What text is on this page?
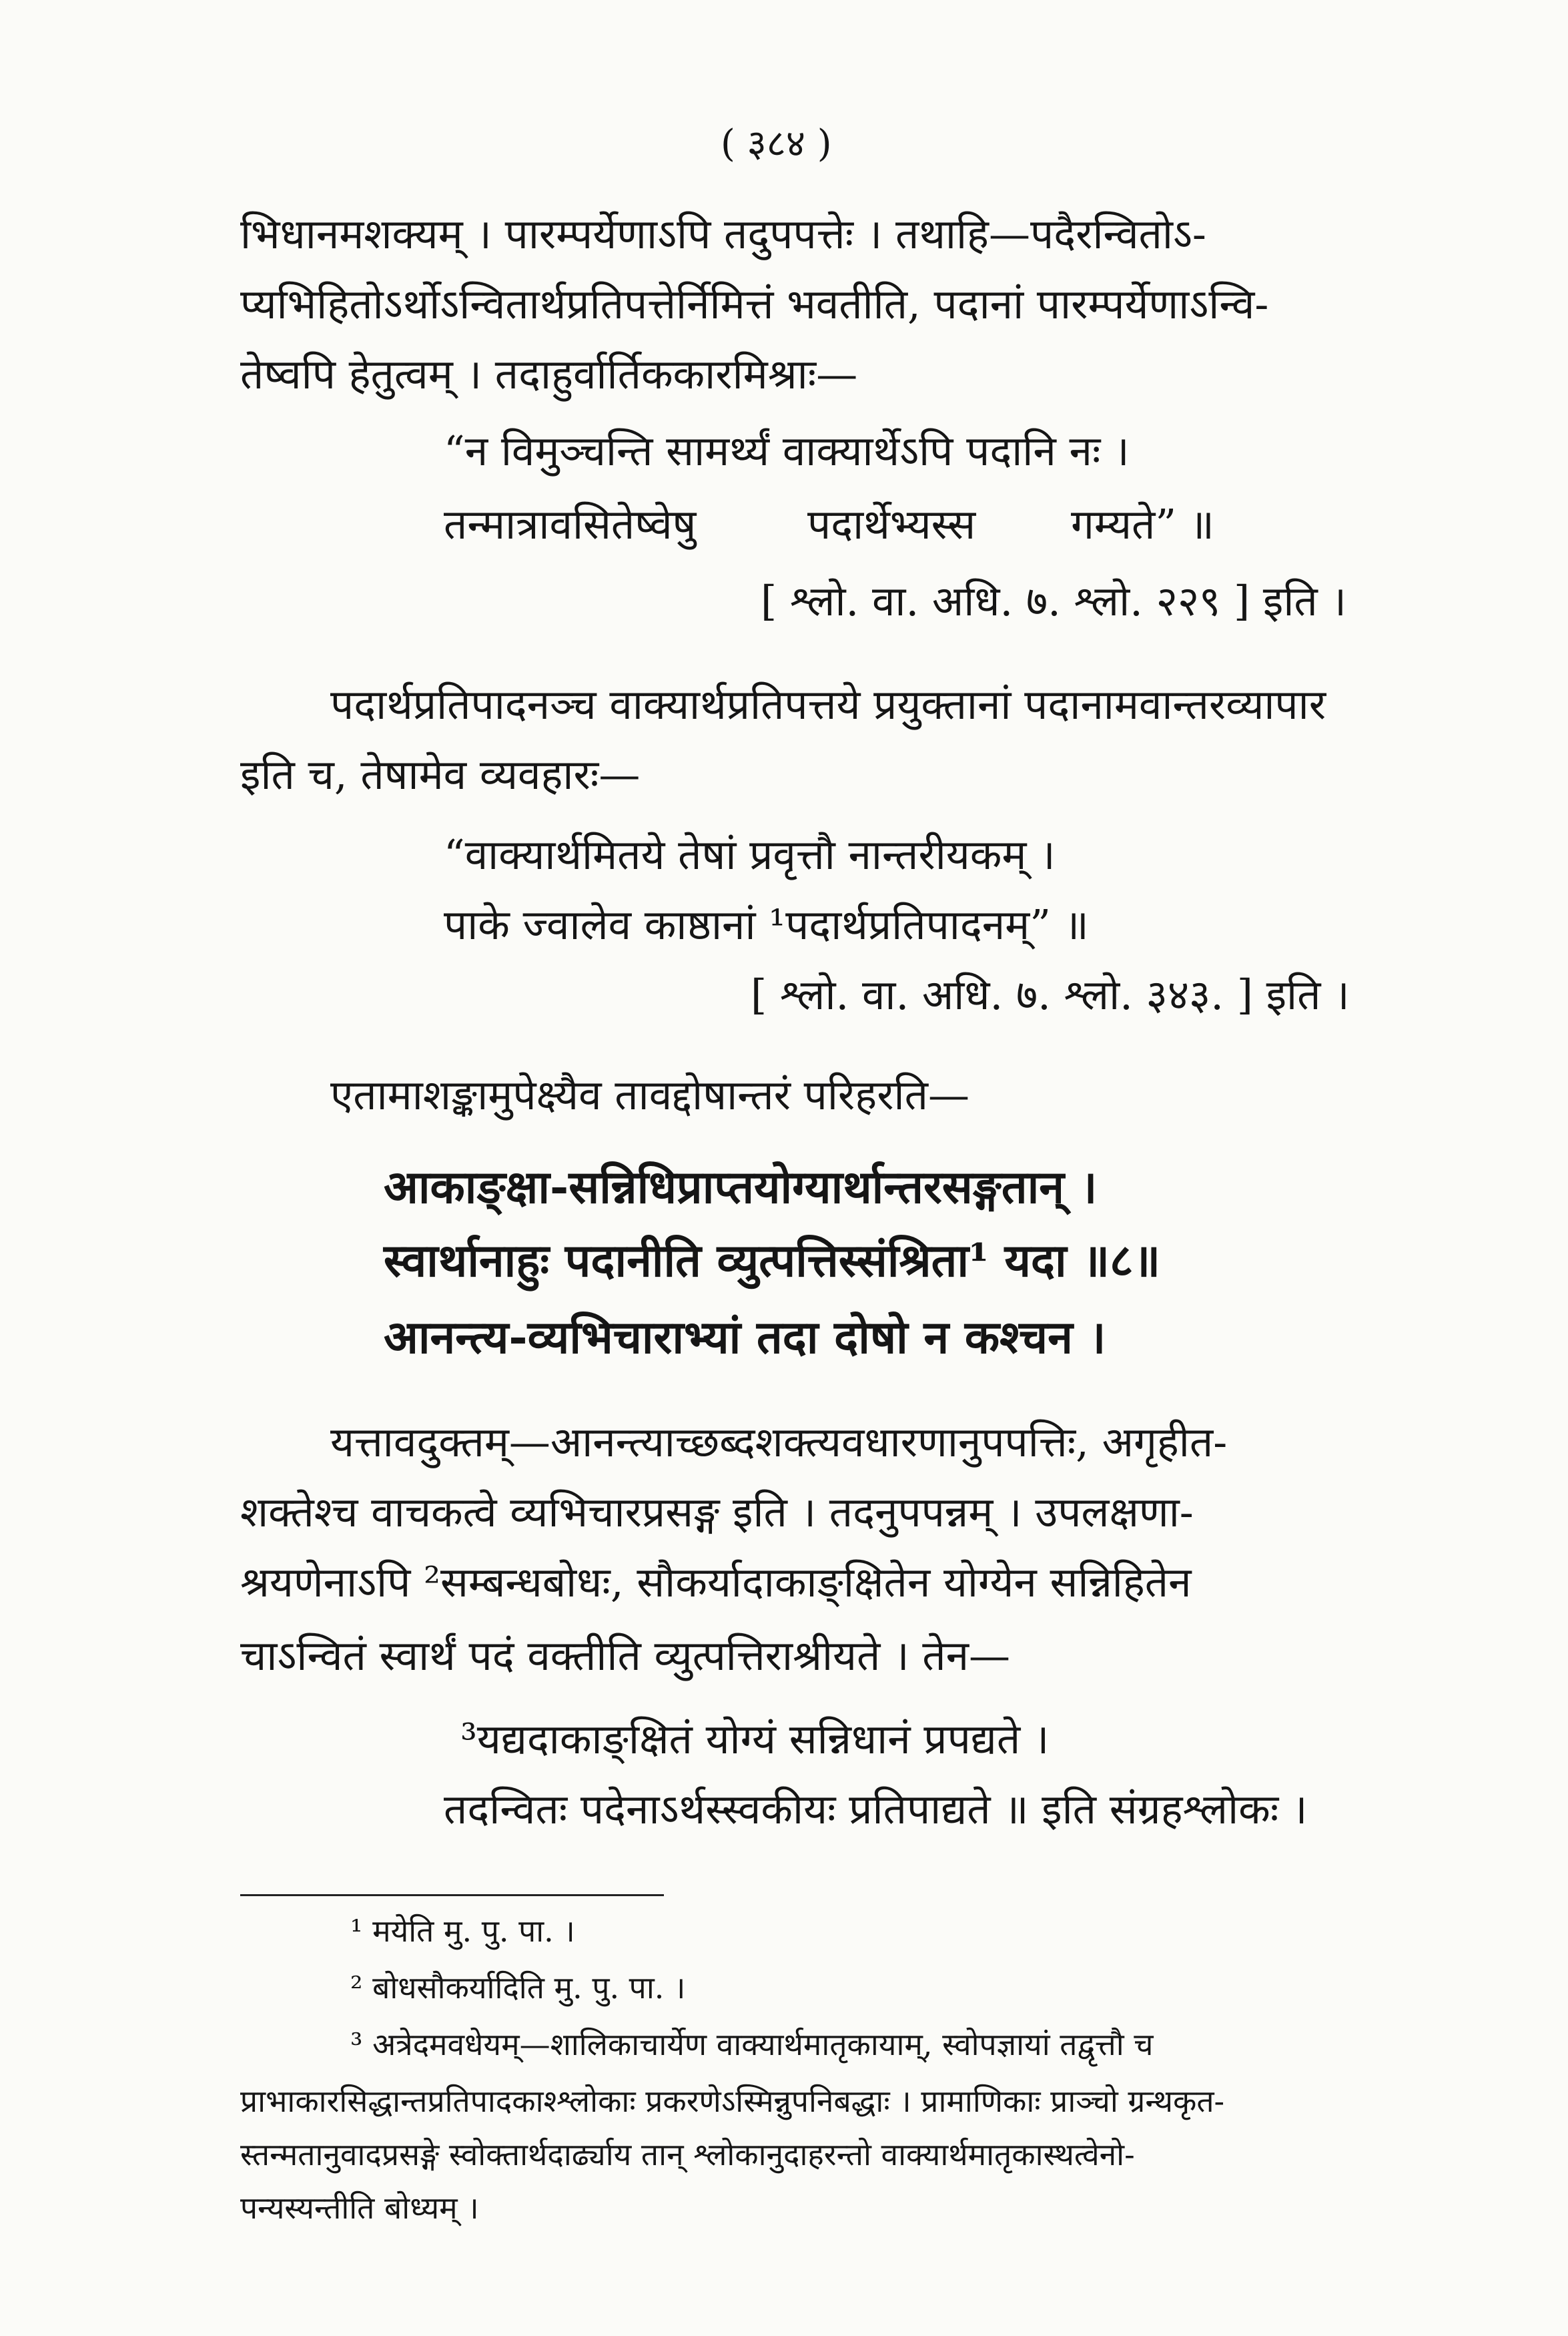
( ३८४ )
भिधानमशक्यम् । पारम्पर्येणाऽपि तदुपपत्तेः । तथाहि—पदैरन्वितोऽ-
प्यभिहितोऽर्थोऽन्वितार्थप्रतिपत्तेर्निमित्तं भवतीति, पदानां पारम्पर्येणाऽन्वि-
तेष्वपि हेतुत्वम् । तदाहुर्वार्तिककारमिश्राः—
“न विमुञ्चन्ति सामर्थ्यं वाक्यार्थेऽपि पदानि नः ।
तन्मात्रावसितेष्वेषु	पदार्थेभ्यस्स गम्यते” ॥
[ श्लो. वा. अधि. ७. श्लो. २२९ ] इति ।
पदार्थप्रतिपादनञ्च वाक्यार्थप्रतिपत्तये प्रयुक्तानां पदानामवान्तरव्यापार
इति च, तेषामेव व्यवहारः—
“वाक्यार्थमितये तेषां प्रवृत्तौ नान्तरीयकम् ।
पाके ज्वालेव काष्ठानां ¹पदार्थप्रतिपादनम्” ॥
[ श्लो. वा. अधि. ७. श्लो. ३४३. ] इति ।
एतामाशङ्कामुपेक्ष्यैव तावद्दोषान्तरं परिहरति—
आकाङ्क्षा-सन्निधिप्राप्तयोग्यार्थान्तरसङ्गतान् ।
स्वार्थानाहुः पदानीति व्युत्पत्तिस्संश्रिता¹ यदा ॥८॥
आनन्त्य-व्यभिचाराभ्यां तदा दोषो न कश्चन ।
यत्तावदुक्तम्—आनन्त्याच्छब्दशक्त्यवधारणानुपपत्तिः, अगृहीत-
शक्तेश्च वाचकत्वे व्यभिचारप्रसङ्ग इति । तदनुपपन्नम् । उपलक्षणा-
श्रयणेनाऽपि ²सम्बन्धबोधः, सौकर्यादाकाङ्क्षितेन योग्येन सन्निहितेन
चाऽन्वितं स्वार्थं पदं वक्तीति व्युत्पत्तिराश्रीयते । तेन—
³यद्यदाकाङ्क्षितं योग्यं सन्निधानं प्रपद्यते ।
तदन्वितः पदेनाऽर्थस्स्वकीयः प्रतिपाद्यते ॥ इति संग्रहश्लोकः ।
¹ मयेति मु. पु. पा. ।
² बोधसौकर्यादिति मु. पु. पा. ।
³ अत्रेदमवधेयम्—शालिकाचार्येण वाक्यार्थमातृकायाम्, स्वोपज्ञायां तद्वृत्तौ च
प्राभाकारसिद्धान्तप्रतिपादकाश्श्लोकाः प्रकरणेऽस्मिन्नुपनिबद्धाः । प्रामाणिकाः प्राञ्चो ग्रन्थकृत-
स्तन्मतानुवादप्रसङ्गे स्वोक्तार्थदार्ढ्याय तान् श्लोकानुदाहरन्तो वाक्यार्थमातृकास्थत्वेनो-
पन्यस्यन्तीति बोध्यम् ।
